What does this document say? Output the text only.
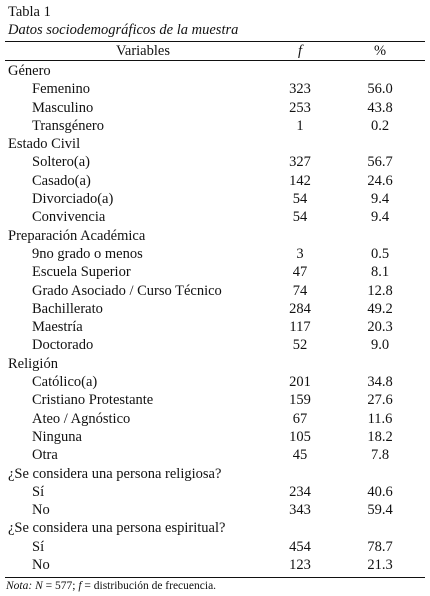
Tabla 1
Datos sociodemográficos de la muestra
Variables	f	%
Género
Femenino	323	56.0
Masculino	253	43.8
Transgénero	1	0.2
Estado Civil
Soltero(a)	327	56.7
Casado(a)	142	24.6
Divorciado(a)	54	9.4
Convivencia	54	9.4
Preparación Académica
9no grado o menos	3	0.5
Escuela Superior	47	8.1
Grado Asociado / Curso Técnico	74	12.8
Bachillerato	284	49.2
Maestría	117	20.3
Doctorado	52	9.0
Religión
Católico(a)	201	34.8
Cristiano Protestante	159	27.6
Ateo / Agnóstico	67	11.6
Ninguna	105	18.2
Otra	45	7.8
¿Se considera una persona religiosa?
Sí	234	40.6
No	343	59.4
¿Se considera una persona espiritual?
Sí	454	78.7
No	123	21.3
Nota: N = 577; f = distribución de frecuencia.
